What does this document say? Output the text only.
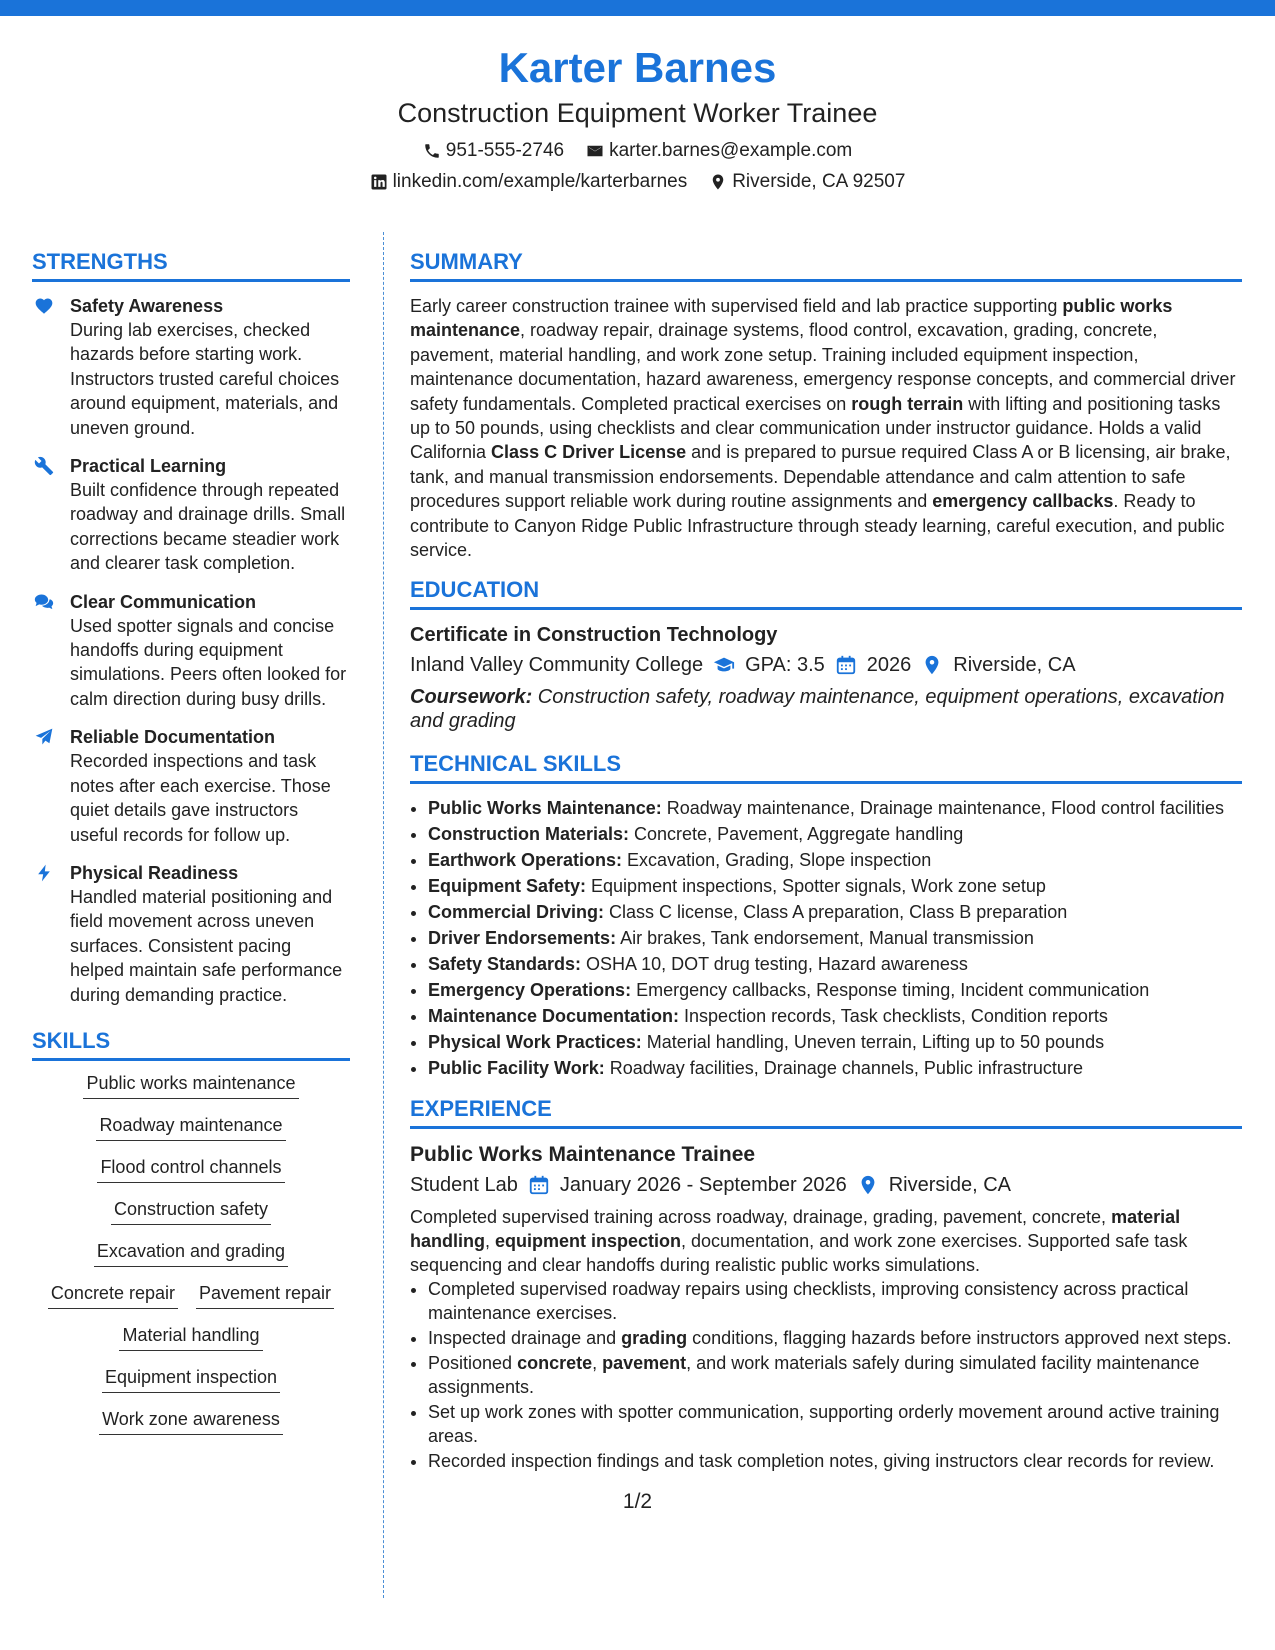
Karter Barnes
Construction Equipment Worker Trainee
951-555-2746 karter.barnes@example.com
linkedin.com/example/karterbarnes Riverside, CA 92507
STRENGTHS
Safety Awareness
During lab exercises, checked hazards before starting work. Instructors trusted careful choices around equipment, materials, and uneven ground.
Practical Learning
Built confidence through repeated roadway and drainage drills. Small corrections became steadier work and clearer task completion.
Clear Communication
Used spotter signals and concise handoffs during equipment simulations. Peers often looked for calm direction during busy drills.
Reliable Documentation
Recorded inspections and task notes after each exercise. Those quiet details gave instructors useful records for follow up.
Physical Readiness
Handled material positioning and field movement across uneven surfaces. Consistent pacing helped maintain safe performance during demanding practice.
SKILLS
Public works maintenance
Roadway maintenance
Flood control channels
Construction safety
Excavation and grading
Concrete repair Pavement repair
Material handling
Equipment inspection
Work zone awareness
SUMMARY
Early career construction trainee with supervised field and lab practice supporting public works maintenance, roadway repair, drainage systems, flood control, excavation, grading, concrete, pavement, material handling, and work zone setup. Training included equipment inspection, maintenance documentation, hazard awareness, emergency response concepts, and commercial driver safety fundamentals. Completed practical exercises on rough terrain with lifting and positioning tasks up to 50 pounds, using checklists and clear communication under instructor guidance. Holds a valid California Class C Driver License and is prepared to pursue required Class A or B licensing, air brake, tank, and manual transmission endorsements. Dependable attendance and calm attention to safe procedures support reliable work during routine assignments and emergency callbacks. Ready to contribute to Canyon Ridge Public Infrastructure through steady learning, careful execution, and public service.
EDUCATION
Certificate in Construction Technology
Inland Valley Community College GPA: 3.5 2026 Riverside, CA
Coursework: Construction safety, roadway maintenance, equipment operations, excavation and grading
TECHNICAL SKILLS
• Public Works Maintenance: Roadway maintenance, Drainage maintenance, Flood control facilities
• Construction Materials: Concrete, Pavement, Aggregate handling
• Earthwork Operations: Excavation, Grading, Slope inspection
• Equipment Safety: Equipment inspections, Spotter signals, Work zone setup
• Commercial Driving: Class C license, Class A preparation, Class B preparation
• Driver Endorsements: Air brakes, Tank endorsement, Manual transmission
• Safety Standards: OSHA 10, DOT drug testing, Hazard awareness
• Emergency Operations: Emergency callbacks, Response timing, Incident communication
• Maintenance Documentation: Inspection records, Task checklists, Condition reports
• Physical Work Practices: Material handling, Uneven terrain, Lifting up to 50 pounds
• Public Facility Work: Roadway facilities, Drainage channels, Public infrastructure
EXPERIENCE
Public Works Maintenance Trainee
Student Lab January 2026 - September 2026 Riverside, CA
Completed supervised training across roadway, drainage, grading, pavement, concrete, material handling, equipment inspection, documentation, and work zone exercises. Supported safe task sequencing and clear handoffs during realistic public works simulations.
• Completed supervised roadway repairs using checklists, improving consistency across practical maintenance exercises.
• Inspected drainage and grading conditions, flagging hazards before instructors approved next steps.
• Positioned concrete, pavement, and work materials safely during simulated facility maintenance assignments.
• Set up work zones with spotter communication, supporting orderly movement around active training areas.
• Recorded inspection findings and task completion notes, giving instructors clear records for review.
1/2
